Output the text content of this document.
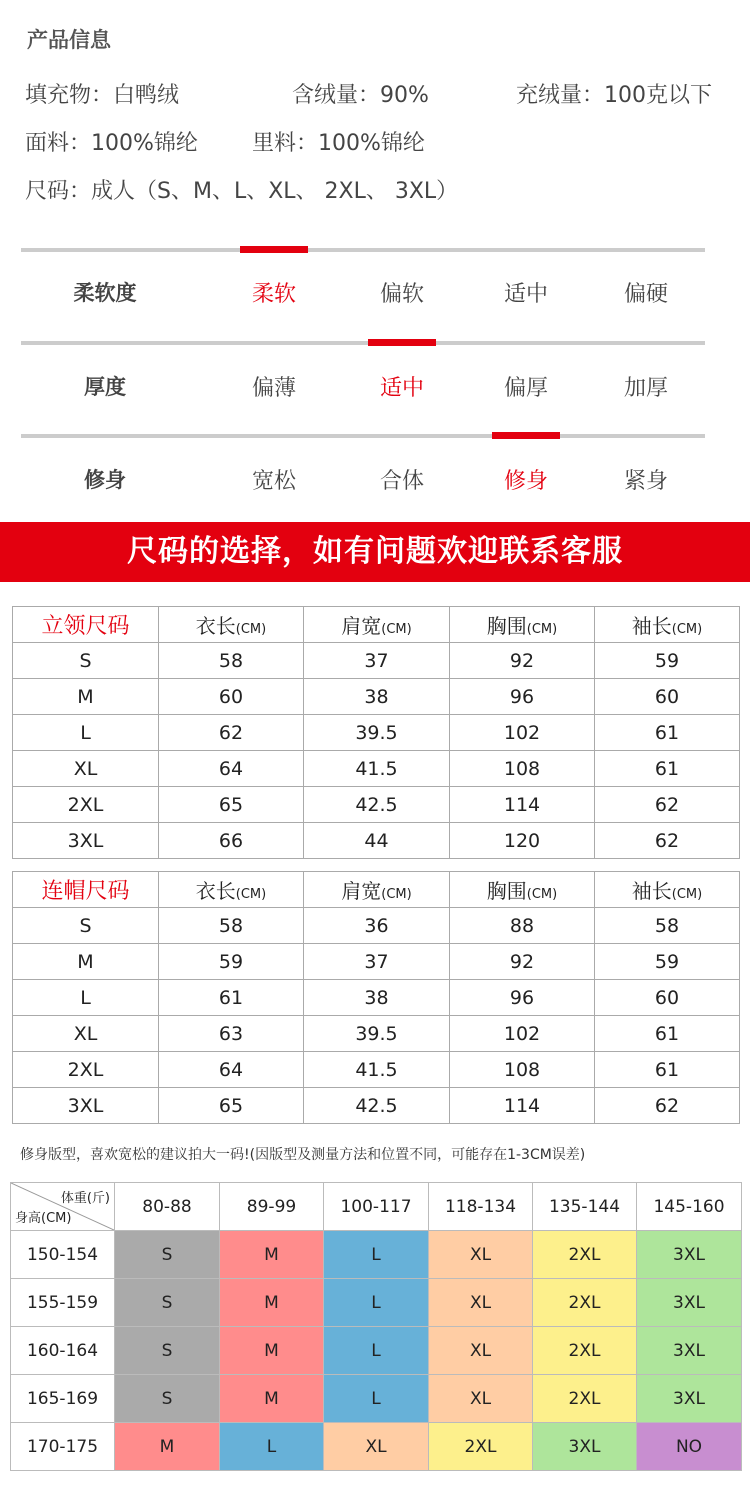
产品信息
填充物：白鸭绒	含绒量：90%	充绒量：100克以下
面料：100%锦纶 里料：100%锦纶
尺码：成人（S、M、L、XL、 2XL、 3XL）
柔软度	柔软	偏软	适中	偏硬
厚度	偏薄	适中	偏厚	加厚
修身	宽松	合体	修身	紧身
尺码的选择，如有问题欢迎联系客服
立领尺码	衣长(CM)	肩宽(CM)	胸围(CM)	袖长(CM)
S	58	37	92	59
M	60	38	96	60
L	62	39.5	102	61
XL	64	41.5	108	61
2XL	65	42.5	114	62
3XL	66	44	120	62
连帽尺码	衣长(CM)	肩宽(CM)	胸围(CM)	袖长(CM)
S	58	36	88	58
M	59	37	92	59
L	61	38	96	60
XL	63	39.5	102	61
2XL	64	41.5	108	61
3XL	65	42.5	114	62
修身版型，喜欢宽松的建议拍大一码!(因版型及测量方法和位置不同，可能存在1-3CM误差)
体重(斤)
身高(CM)	80-88	89-99	100-117	118-134	135-144	145-160
150-154	S	M	L	XL	2XL	3XL
155-159	S	M	L	XL	2XL	3XL
160-164	S	M	L	XL	2XL	3XL
165-169	S	M	L	XL	2XL	3XL
170-175	M	L	XL	2XL	3XL	NO
